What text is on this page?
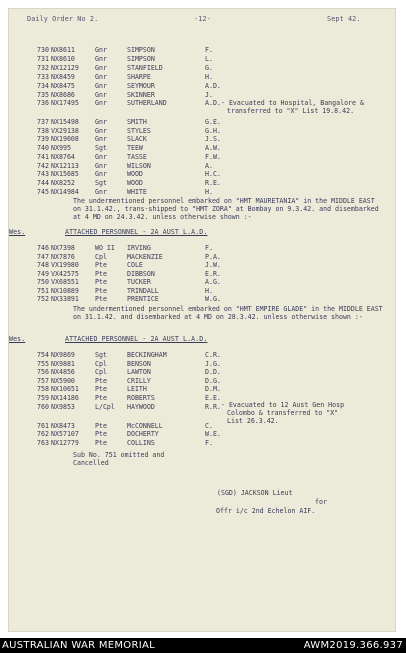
Daily Order No 2.	-12-	Sept 42.
730 NX 8611	Gnr	SIMPSON	F.
731 NX 8610	Gnr	SIMPSON	L.
732 NX 12129 Gnr	STANFIELD	G.
733 NX 8459	Gnr	SHARPE	H.
734 NX 8475	Gnr	SEYMOUR	A.D.
735 NX 8686	Gnr	SKINNER	J.
736 NX 17495 Gnr	SUTHERLAND	A.D. - Evacuated to Hospital, Bangalore &
transferred to "X" List 19.8.42.
737 NX 15498 Gnr	SMITH	G.E.
738 VX 29138 Gnr	STYLES	G.H.
739 NX 19608 Gnr	SLACK	J.S.
740 NX 995	Sgt	TEEW	A.W.
741 NX 8764	Gnr	TASSE	F.W.
742 NX 12113 Gnr	WILSON	A.
743 NX 15685 Gnr	WOOD	H.C.
744 NX 8252	Sgt	WOOD	R.E.
745 NX 14984 Gnr	WHITE	H.
The undermentioned personnel embarked on "HMT MAURETANIA" in the MIDDLE EAST on 31.1.42., trans-shipped to "HMT ZORA" at Bombay on 9.3.42. and disembarked at 4 MD on 24.3.42. unless otherwise shown :-
Wes.	ATTACHED PERSONNEL - 2A AUST L.A.D.
746 NX 7398	WO II IRVING	F.
747 NX 7876	Cpl	MACKENZIE	P.A.
748 VX 19980 Pte	COLE	J.W.
749 VX 42575 Pte	DIBBSON	E.R.
750 VX 68551 Pte	TUCKER	A.G.
751 NX 10889 Pte	TRINDALL	H.
752 NX 33891 Pte	PRENTICE	W.G.
The undermentioned personnel embarked on "HMT EMPIRE GLADE" in the MIDDLE EAST on 31.1.42. and disembarked at 4 MD on 28.3.42. unless otherwise shown :-
Wes.	ATTACHED PERSONNEL - 2A AUST L.A.D.
754 NX 9869	Sgt	BECKINGHAM	C.R.
755 NX 9881	Cpl	BENSON	J.G.
756 NX 4856	Cpl	LAWTON	D.D.
757 NX 5900	Pte	CRILLY	D.G.
758 NX 10651 Pte	LEITH	D.M.
759 NX 14186 Pte	ROBERTS	E.E.
760 NX 9853	L/Cpl HAYWOOD	R.R. - Evacuated to 12 Aust Gen Hosp
Colombo & transferred to "X"
List 26.3.42.
761 NX 8473	Pte	McCONNELL	C.
762 NX 57107 Pte	DOCHERTY	W.E.
763 NX 12779 Pte	COLLINS	F.
Sub No. 751 omitted and
Cancelled
(SGD) JACKSON Lieut
for
Offr i/c 2nd Echelon AIF.
AUSTRALIAN WAR MEMORIAL	AWM2019.366.937
